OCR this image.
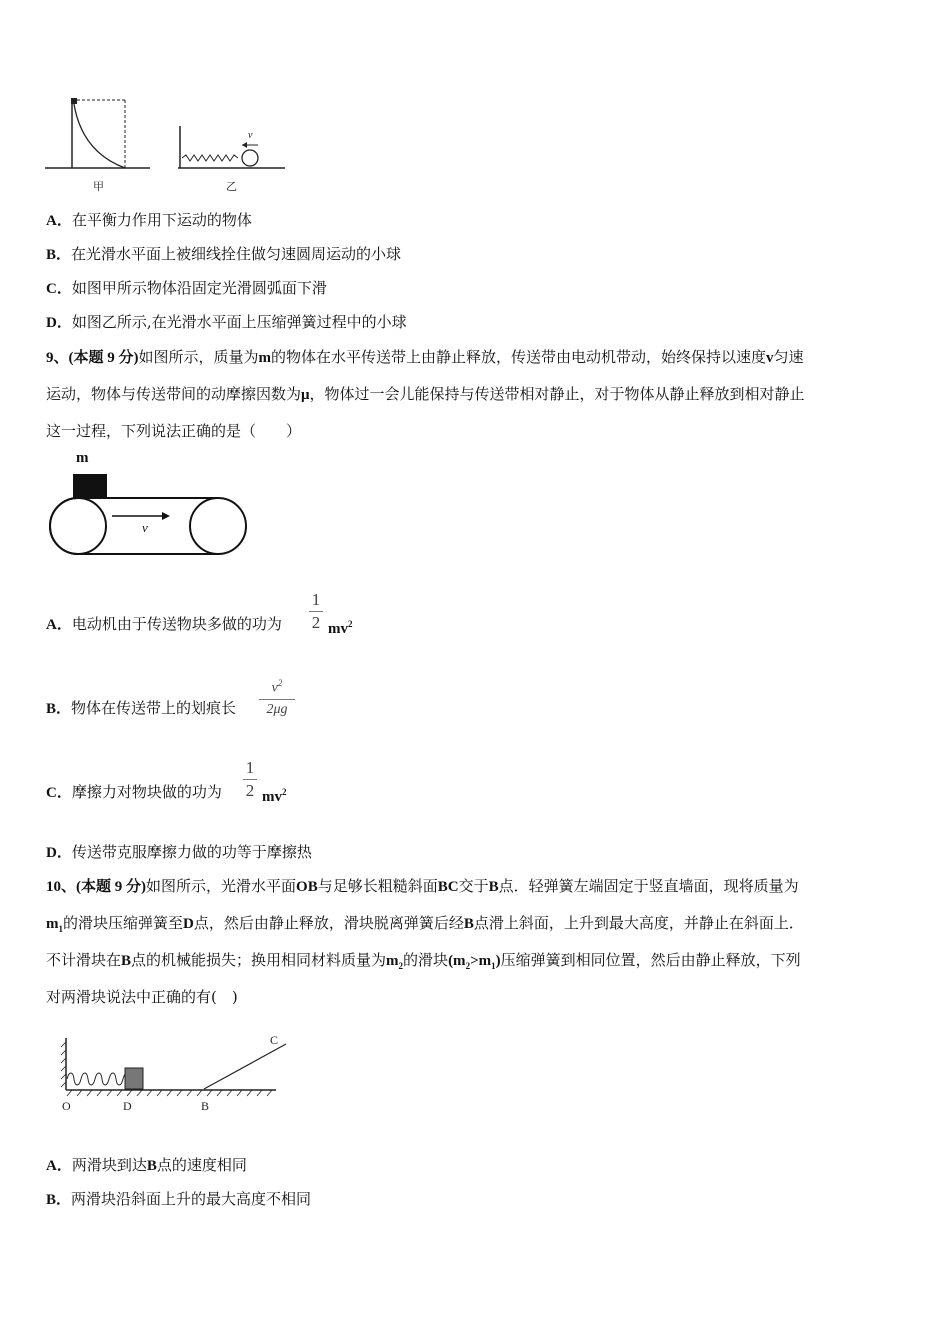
甲
v
乙
A．在平衡力作用下运动的物体
B．在光滑水平面上被细线拴住做匀速圆周运动的小球
C．如图甲所示物体沿固定光滑圆弧面下滑
D．如图乙所示,在光滑水平面上压缩弹簧过程中的小球
9、(本题 9 分)如图所示，质量为m的物体在水平传送带上由静止释放，传送带由电动机带动，始终保持以速度v匀速
运动，物体与传送带间的动摩擦因数为μ，物体过一会儿能保持与传送带相对静止，对于物体从静止释放到相对静止
这一过程，下列说法正确的是（　　）
m
v
A．电动机由于传送物块多做的功为
1
2 $mv^2$
B．物体在传送带上的划痕长
$v^2$
2μg
C．摩擦力对物块做的功为
1
2 $mv^2$
D．传送带克服摩擦力做的功等于摩擦热
10、(本题 9 分)如图所示，光滑水平面OB与足够长粗糙斜面BC交于B点．轻弹簧左端固定于竖直墙面，现将质量为
$m_1$的滑块压缩弹簧至D点，然后由静止释放，滑块脱离弹簧后经B点滑上斜面，上升到最大高度，并静止在斜面上．
不计滑块在B点的机械能损失；换用相同材料质量为$m_2$的滑块$(m_2>m_1)$压缩弹簧到相同位置，然后由静止释放，下列
对两滑块说法中正确的有(　)
O	D	B
C
A．两滑块到达B点的速度相同
B．两滑块沿斜面上升的最大高度不相同
